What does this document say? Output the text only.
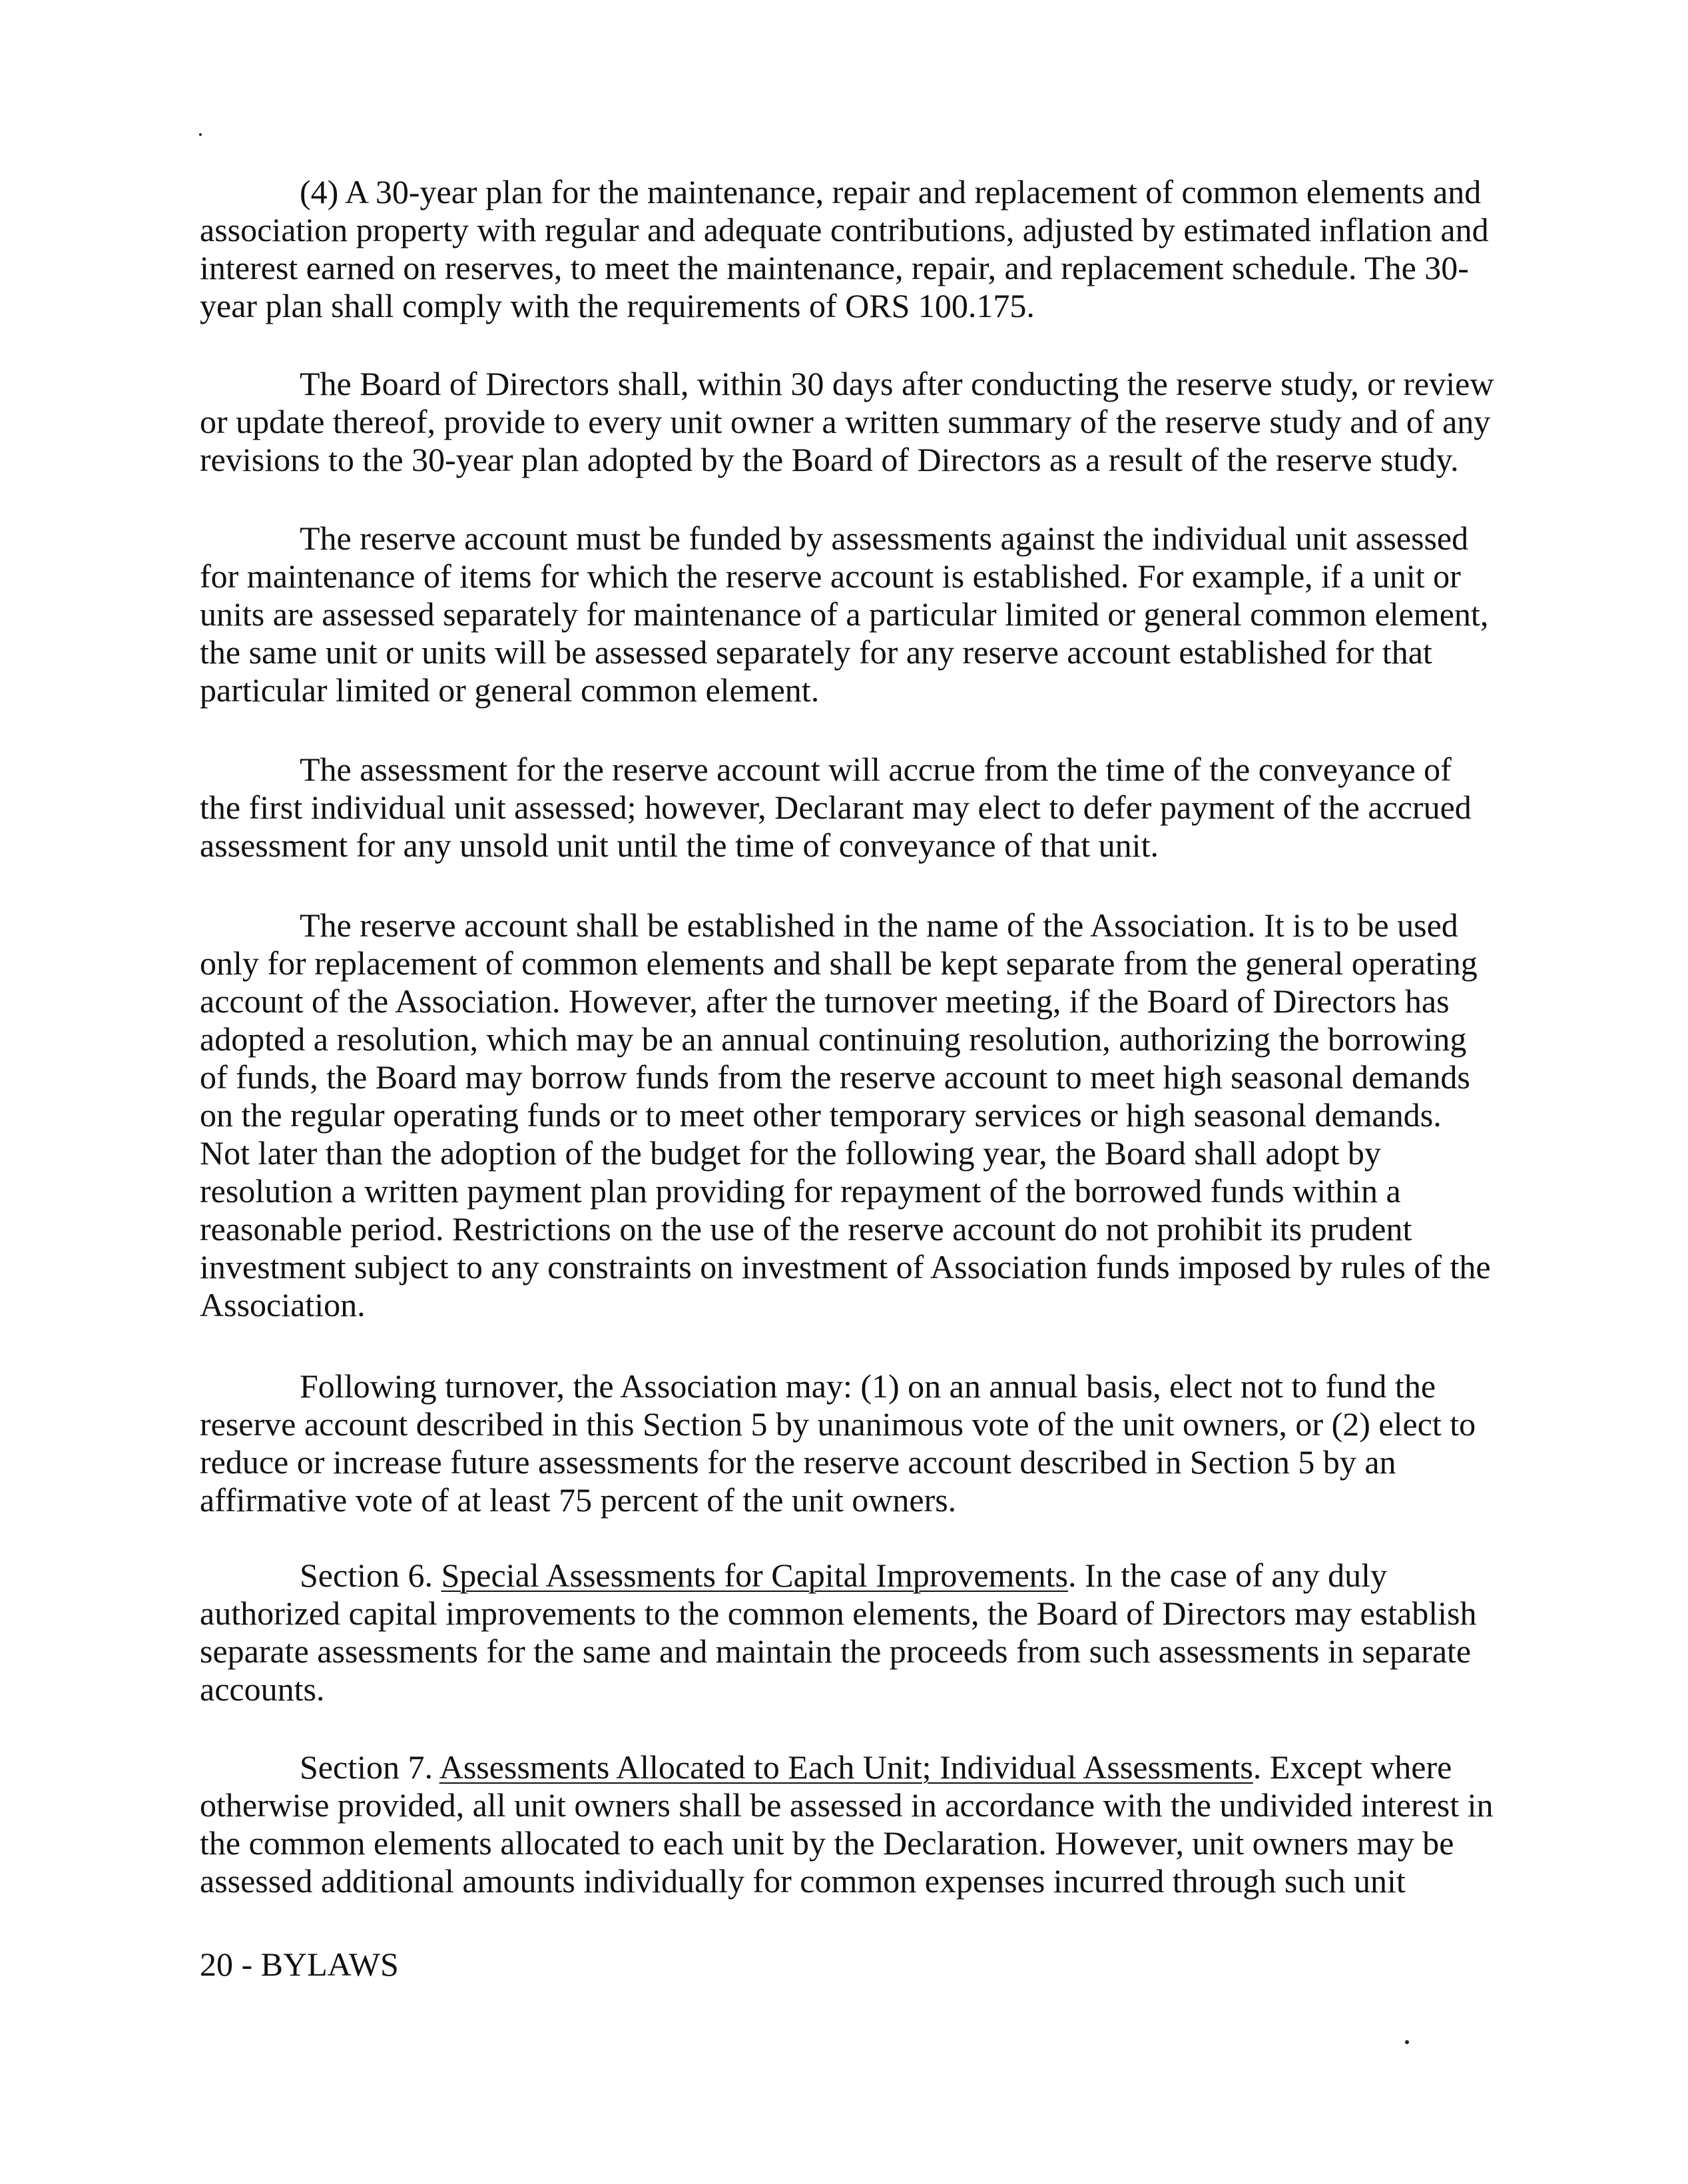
(4) A 30-year plan for the maintenance, repair and replacement of common elements and association property with regular and adequate contributions, adjusted by estimated inflation and interest earned on reserves, to meet the maintenance, repair, and replacement schedule. The 30-year plan shall comply with the requirements of ORS 100.175.

The Board of Directors shall, within 30 days after conducting the reserve study, or review or update thereof, provide to every unit owner a written summary of the reserve study and of any revisions to the 30-year plan adopted by the Board of Directors as a result of the reserve study.

The reserve account must be funded by assessments against the individual unit assessed for maintenance of items for which the reserve account is established. For example, if a unit or units are assessed separately for maintenance of a particular limited or general common element, the same unit or units will be assessed separately for any reserve account established for that particular limited or general common element.

The assessment for the reserve account will accrue from the time of the conveyance of the first individual unit assessed; however, Declarant may elect to defer payment of the accrued assessment for any unsold unit until the time of conveyance of that unit.

The reserve account shall be established in the name of the Association. It is to be used only for replacement of common elements and shall be kept separate from the general operating account of the Association. However, after the turnover meeting, if the Board of Directors has adopted a resolution, which may be an annual continuing resolution, authorizing the borrowing of funds, the Board may borrow funds from the reserve account to meet high seasonal demands on the regular operating funds or to meet other temporary services or high seasonal demands. Not later than the adoption of the budget for the following year, the Board shall adopt by resolution a written payment plan providing for repayment of the borrowed funds within a reasonable period. Restrictions on the use of the reserve account do not prohibit its prudent investment subject to any constraints on investment of Association funds imposed by rules of the Association.

Following turnover, the Association may: (1) on an annual basis, elect not to fund the reserve account described in this Section 5 by unanimous vote of the unit owners, or (2) elect to reduce or increase future assessments for the reserve account described in Section 5 by an affirmative vote of at least 75 percent of the unit owners.

Section 6. Special Assessments for Capital Improvements. In the case of any duly authorized capital improvements to the common elements, the Board of Directors may establish separate assessments for the same and maintain the proceeds from such assessments in separate accounts.

Section 7. Assessments Allocated to Each Unit; Individual Assessments. Except where otherwise provided, all unit owners shall be assessed in accordance with the undivided interest in the common elements allocated to each unit by the Declaration. However, unit owners may be assessed additional amounts individually for common expenses incurred through such unit

20 - BYLAWS
